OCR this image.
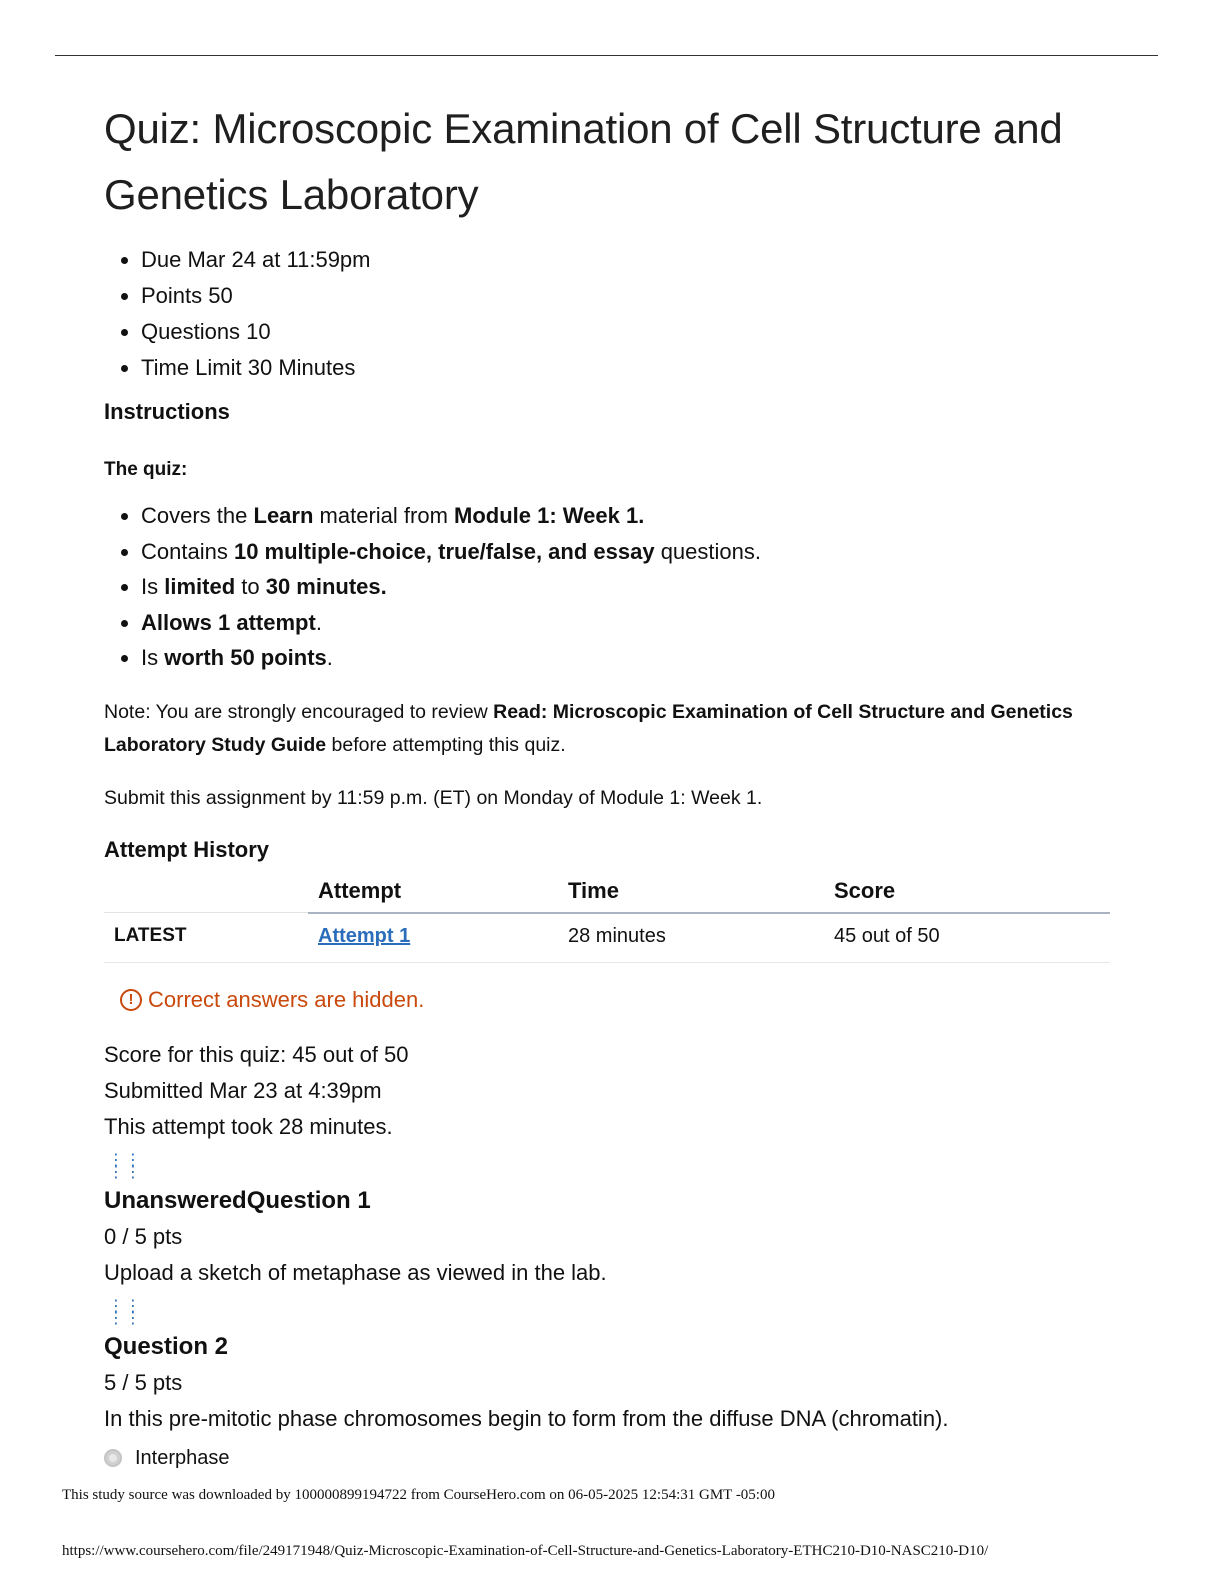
Quiz: Microscopic Examination of Cell Structure and Genetics Laboratory
• Due Mar 24 at 11:59pm
• Points 50
• Questions 10
• Time Limit 30 Minutes
Instructions
The quiz:
• Covers the Learn material from Module 1: Week 1.
• Contains 10 multiple-choice, true/false, and essay questions.
• Is limited to 30 minutes.
• Allows 1 attempt.
• Is worth 50 points.

Note: You are strongly encouraged to review Read: Microscopic Examination of Cell Structure and Genetics Laboratory Study Guide before attempting this quiz.

Submit this assignment by 11:59 p.m. (ET) on Monday of Module 1: Week 1.

Attempt History
	Attempt	Time	Score
LATEST	Attempt 1	28 minutes	45 out of 50
! Correct answers are hidden.
Score for this quiz: 45 out of 50
Submitted Mar 23 at 4:39pm
This attempt took 28 minutes.
⋮⋮
⋮⋮
UnansweredQuestion 1
0 / 5 pts
Upload a sketch of metaphase as viewed in the lab.
⋮⋮
⋮⋮
Question 2
5 / 5 pts
In this pre-mitotic phase chromosomes begin to form from the diffuse DNA (chromatin).
Interphase
This study source was downloaded by 100000899194722 from CourseHero.com on 06-05-2025 12:54:31 GMT -05:00
https://www.coursehero.com/file/249171948/Quiz-Microscopic-Examination-of-Cell-Structure-and-Genetics-Laboratory-ETHC210-D10-NASC210-D10/
